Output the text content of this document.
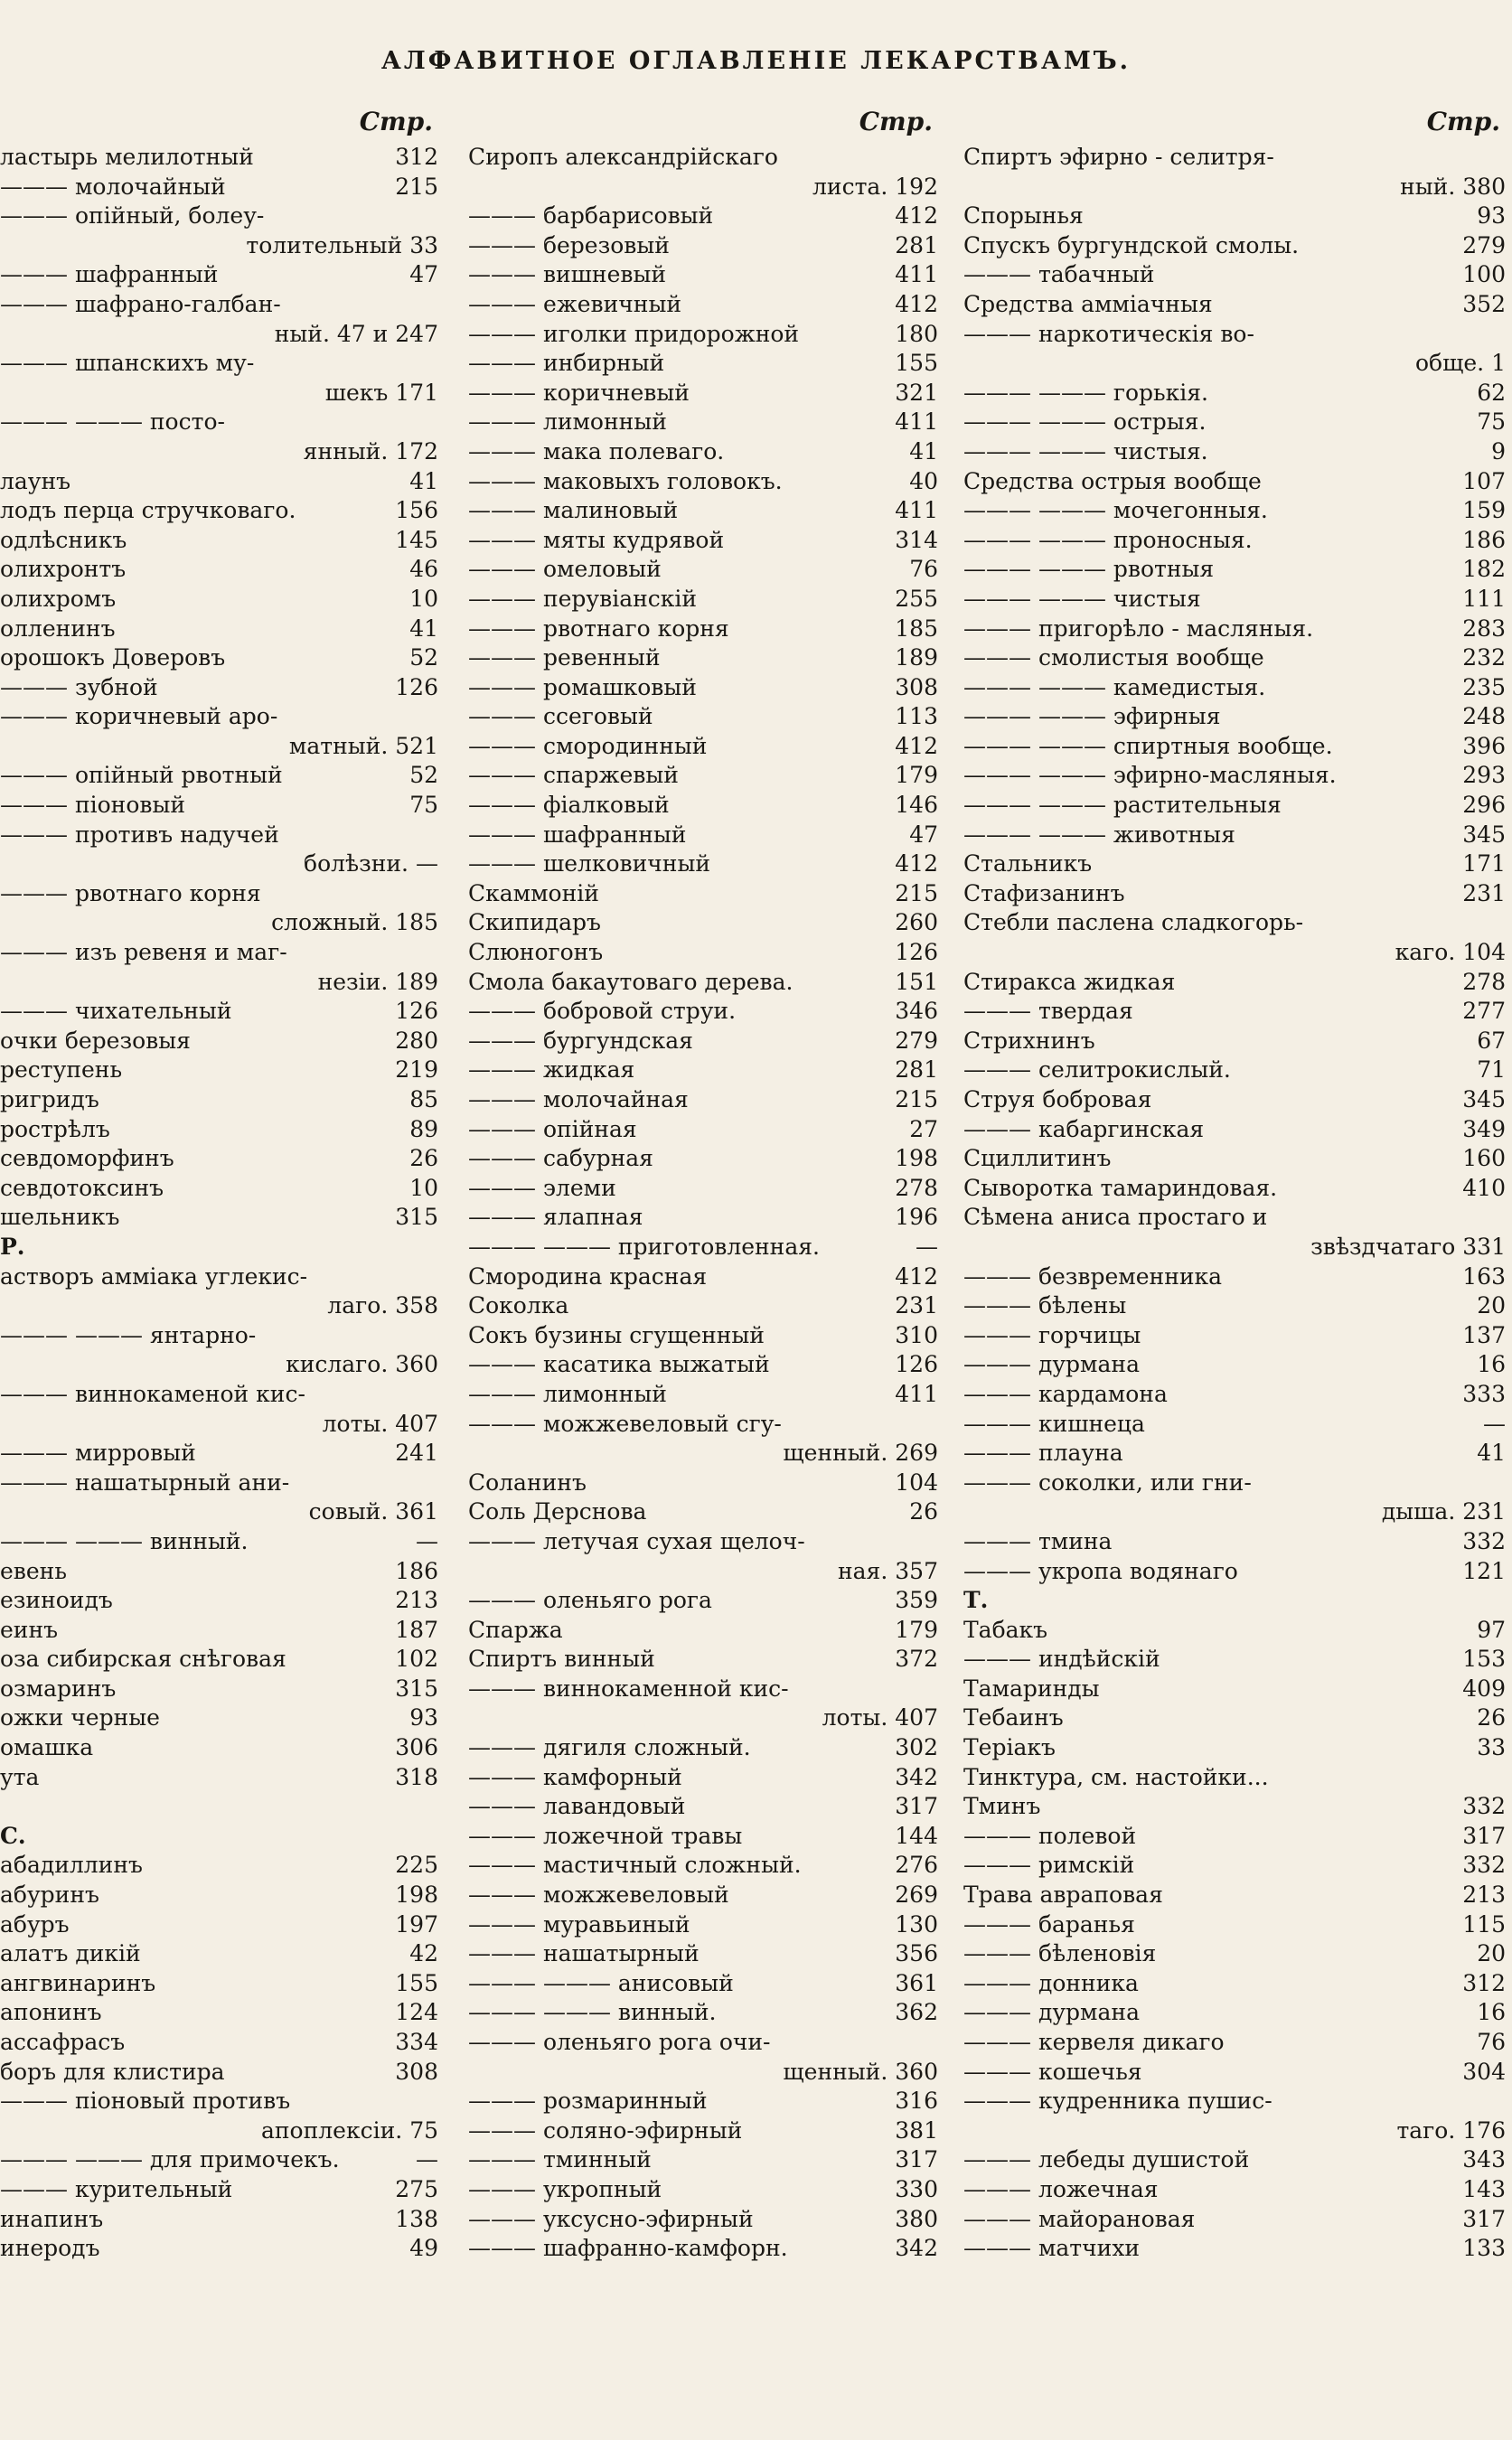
АЛФАВИТНОЕ ОГЛАВЛЕНІЕ ЛЕКАРСТВАМЪ.
Стр.
ластырь мелилотный	312
——— молочайный	215
——— опійный, болеу-
толительный 33
——— шафранный	47
——— шафрано-галбан-
ный. 47 и 247
——— шпанскихъ му-
шекъ 171
——— ——— посто-
янный. 172
лаунъ	41
лодъ перца стручковаго.	156
одлѣсникъ	145
олихронтъ	46
олихромъ	10
олленинъ	41
орошокъ Доверовъ	52
——— зубной	126
——— коричневый аро-
матный. 521
——— опійный рвотный	52
——— піоновый	75
——— противъ надучей
болѣзни. —
——— рвотнаго корня
сложный. 185
——— изъ ревеня и маг-
незіи. 189
——— чихательный	126
очки березовыя	280
реступень	219
ригридъ	85
рострѣлъ	89
севдоморфинъ	26
севдотоксинъ	10
шельникъ	315
Р.
астворъ амміака углекис-
лаго. 358
——— ——— янтарно-
кислаго. 360
——— виннокаменой кис-
лоты. 407
——— мирровый	241
——— нашатырный ани-
совый. 361
——— ——— винный.	—
евень	186
езиноидъ	213
еинъ	187
оза сибирская снѣговая	102
озмаринъ	315
ожки черные	93
омашка	306
ута	318
С.
абадиллинъ	225
абуринъ	198
абуръ	197
алатъ дикій	42
ангвинаринъ	155
апонинъ	124
ассафрасъ	334
боръ для клистира	308
——— піоновый противъ
апоплексіи. 75
——— ——— для примочекъ.	—
——— курительный	275
инапинъ	138
инеродъ	49
Стр.
Сиропъ александрійскаго
листа. 192
——— барбарисовый	412
——— березовый	281
——— вишневый	411
——— ежевичный	412
——— иголки придорожной	180
——— инбирный	155
——— коричневый	321
——— лимонный	411
——— мака полеваго.	41
——— маковыхъ головокъ.	40
——— малиновый	411
——— мяты кудрявой	314
——— омеловый	76
——— перувіанскій	255
——— рвотнаго корня	185
——— ревенный	189
——— ромашковый	308
——— ссеговый	113
——— смородинный	412
——— спаржевый	179
——— фіалковый	146
——— шафранный	47
——— шелковичный	412
Скаммоній	215
Скипидаръ	260
Слюногонъ	126
Смола бакаутоваго дерева.	151
——— бобровой струи.	346
——— бургундская	279
——— жидкая	281
——— молочайная	215
——— опійная	27
——— сабурная	198
——— элеми	278
——— ялапная	196
——— ——— приготовленная.	—
Смородина красная	412
Соколка	231
Сокъ бузины сгущенный	310
——— касатика выжатый	126
——— лимонный	411
——— можжевеловый сгу-
щенный. 269
Соланинъ	104
Соль Дерснова	26
——— летучая сухая щелоч-
ная. 357
——— оленьяго рога	359
Спаржа	179
Спиртъ винный	372
——— виннокаменной кис-
лоты. 407
——— дягиля сложный.	302
——— камфорный	342
——— лавандовый	317
——— ложечной травы	144
——— мастичный сложный.	276
——— можжевеловый	269
——— муравьиный	130
——— нашатырный	356
——— ——— анисовый	361
——— ——— винный.	362
——— оленьяго рога очи-
щенный. 360
——— розмаринный	316
——— соляно-эфирный	381
——— тминный	317
——— укропный	330
——— уксусно-эфирный	380
——— шафранно-камфорн.	342
Стр.
Спиртъ эфирно - селитря-
ный. 380
Спорынья	93
Спускъ бургундской смолы.	279
——— табачный	100
Средства амміачныя	352
——— наркотическія во-
обще. 1
——— ——— горькія.	62
——— ——— острыя.	75
——— ——— чистыя.	9
Средства острыя вообще	107
——— ——— мочегонныя.	159
——— ——— проносныя.	186
——— ——— рвотныя	182
——— ——— чистыя	111
——— пригорѣло - масляныя.	283
——— смолистыя вообще	232
——— ——— камедистыя.	235
——— ——— эфирныя	248
——— ——— спиртныя вообще.	396
——— ——— эфирно-масляныя.	293
——— ——— растительныя	296
——— ——— животныя	345
Стальникъ	171
Стафизанинъ	231
Стебли паслена сладкогорь-
каго. 104
Стиракса жидкая	278
——— твердая	277
Стрихнинъ	67
——— селитрокислый.	71
Струя бобровая	345
——— кабаргинская	349
Сциллитинъ	160
Сыворотка тамариндовая.	410
Сѣмена аниса простаго и
звѣздчатаго 331
——— безвременника	163
——— бѣлены	20
——— горчицы	137
——— дурмана	16
——— кардамона	333
——— кишнеца	—
——— плауна	41
——— соколки, или гни-
дыша. 231
——— тмина	332
——— укропа водянаго	121
Т.
Табакъ	97
——— индѣйскій	153
Тамаринды	409
Тебаинъ	26
Теріакъ	33
Тинктура, см. настойки...
Тминъ	332
——— полевой	317
——— римскій	332
Трава авраповая	213
——— баранья	115
——— бѣленовія	20
——— донника	312
——— дурмана	16
——— кервеля дикаго	76
——— кошечья	304
——— кудренника пушис-
таго. 176
——— лебеды душистой	343
——— ложечная	143
——— майорановая	317
——— матчихи	133
